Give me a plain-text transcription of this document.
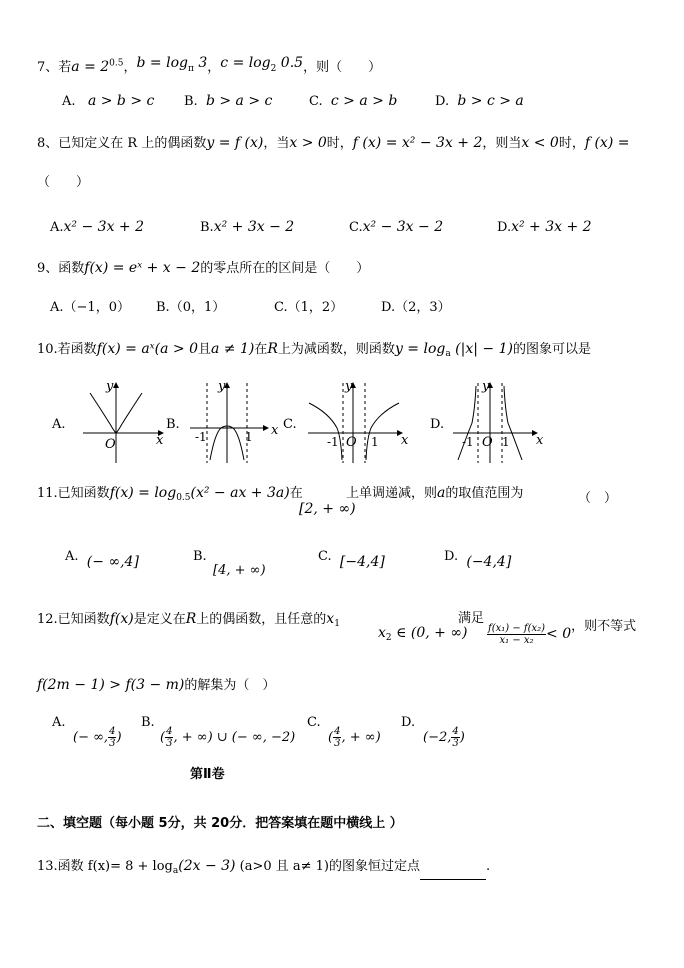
7、若$a = 2^{0.5}$，b = logπ 3，c = log2 0.5，则（　　）
A. a > b > c B. b > a > c	C. c > a > b	D. b > c > a
8、已知定义在 R 上的偶函数y = f (x)，当x > 0时，f (x) = x² − 3x + 2，则当x < 0时，f (x) =
（　　）
A.x² − 3x + 2	B.x² + 3x − 2	C.x² − 3x − 2	D.x² + 3x + 2
9、函数f(x) = eˣ + x − 2的零点所在的区间是（　　）
A.（−1，0） B.（0，1）	C.（1，2）	D.（2，3）
10.若函数f(x) = aˣ(a > 0且a ≠ 1)在R上为减函数，则函数$y = \log_a (|x| - 1)$的图象可以是
A.
x
y
O
B.
-1	1 x
y
C.
-1	1
O	x
y
D.
-1 1
O	x
y
11.已知函数$f(x) = \log_{0.5}(x^2$ − ax + 3a)在
[2, + ∞)
上单调递减，则a的取值范围为	（　）
A. (− ∞,4]	B.
[4, + ∞)
C. [−4,4]	D. (−4,4]
12.已知函数f(x)是定义在R上的偶函数，且任意的$x_1$
$x_2$ ∈ (0, + ∞)
满足
$\frac{\text{f(x₁) − f(x₂)}}{\text{x₁ − x₂}} < 0$，则不等式
f(2m − 1) > f(3 − m)的解集为（　）
A.
(− ∞, $\frac{4}{3}$ )
B.
( $\frac{4}{3}$ , + ∞) ∪ (− ∞, −2)
C.
( $\frac{4}{3}$ , + ∞)
D.
(−2, $\frac{4}{3}$ )
第Ⅱ卷
二、填空题（每小题 5分，共 20分．把答案填在题中横线上 ）
13.函数 $f(x)= 8 + \log_a(2x - 3)$ (a>0 且 a≠ 1)的图象恒过定点	.
